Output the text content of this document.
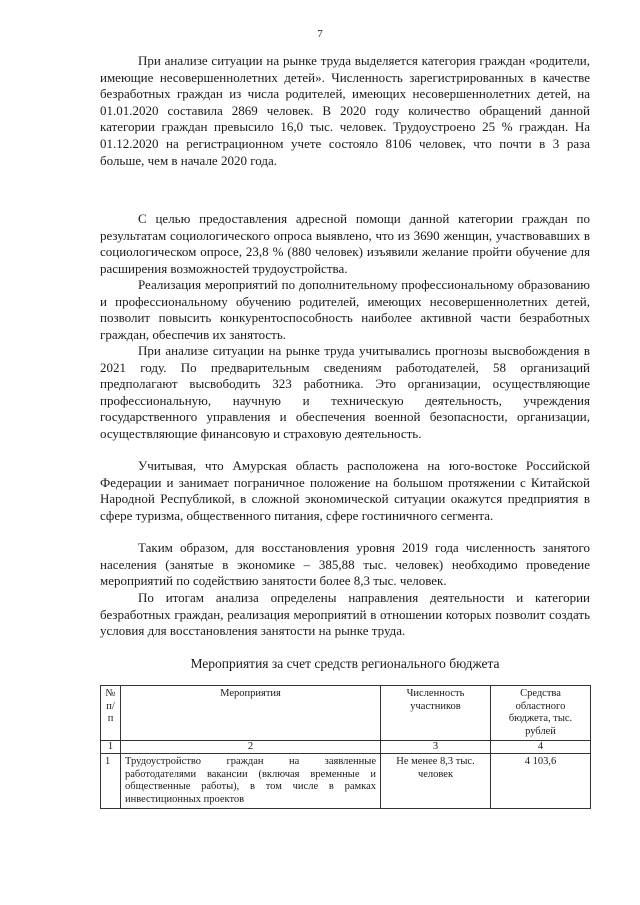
7

При анализе ситуации на рынке труда выделяется категория граждан «родители, имеющие несовершеннолетних детей». Численность зарегистрированных в качестве безработных граждан из числа родителей, имеющих несовершеннолетних детей, на 01.01.2020 составила 2869 человек. В 2020 году количество обращений данной категории граждан превысило 16,0 тыс. человек. Трудоустроено 25 % граждан. На 01.12.2020 на регистрационном учете состояло 8106 человек, что почти в 3 раза больше, чем в начале 2020 года.

С целью предоставления адресной помощи данной категории граждан по результатам социологического опроса выявлено, что из 3690 женщин, участвовавших в социологическом опросе, 23,8 % (880 человек) изъявили желание пройти обучение для расширения возможностей трудоустройства.

Реализация мероприятий по дополнительному профессиональному образованию и профессиональному обучению родителей, имеющих несовершеннолетних детей, позволит повысить конкурентоспособность наиболее активной части безработных граждан, обеспечив их занятость.

При анализе ситуации на рынке труда учитывались прогнозы высвобождения в 2021 году. По предварительным сведениям работодателей, 58 организаций предполагают высвободить 323 работника. Это организации, осуществляющие профессиональную, научную и техническую деятельность, учреждения государственного управления и обеспечения военной безопасности, организации, осуществляющие финансовую и страховую деятельность.

Учитывая, что Амурская область расположена на юго-востоке Российской Федерации и занимает пограничное положение на большом протяжении с Китайской Народной Республикой, в сложной экономической ситуации окажутся предприятия в сфере туризма, общественного питания, сфере гостиничного сегмента.

Таким образом, для восстановления уровня 2019 года численность занятого населения (занятые в экономике – 385,88 тыс. человек) необходимо проведение мероприятий по содействию занятости более 8,3 тыс. человек.

По итогам анализа определены направления деятельности и категории безработных граждан, реализация мероприятий в отношении которых позволит создать условия для восстановления занятости на рынке труда.

Мероприятия за счет средств регионального бюджета
№ п/п	Мероприятия	Численность участников	Средства областного бюджета, тыс. рублей
1	2	3	4
1	Трудоустройство граждан на заявленные работодателями вакансии (включая временные и общественные работы), в том числе в рамках инвестиционных проектов	Не менее 8,3 тыс. человек	4 103,6
